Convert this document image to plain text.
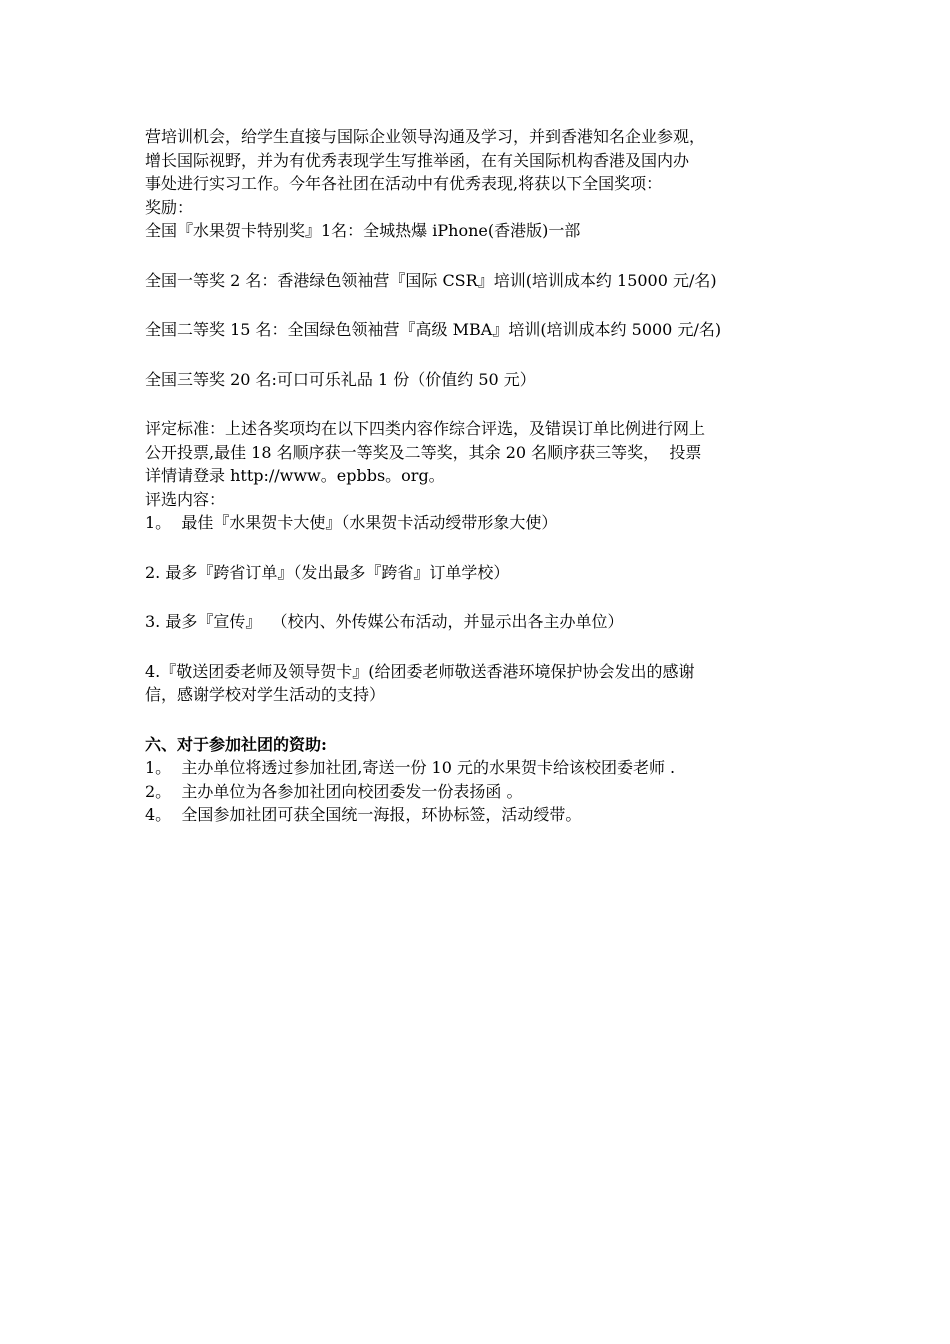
营培训机会，给学生直接与国际企业领导沟通及学习，并到香港知名企业参观，
增长国际视野，并为有优秀表现学生写推举函，在有关国际机构香港及国内办
事处进行实习工作。今年各社团在活动中有优秀表现,将获以下全国奖项：
奖励：
全国『水果贺卡特别奖』1名：全城热爆 iPhone(香港版)一部
全国一等奖 2 名：香港绿色领袖营『国际 CSR』培训(培训成本约 15000 元/名)
全国二等奖 15 名：全国绿色领袖营『高级 MBA』培训(培训成本约 5000 元/名)
全国三等奖 20 名:可口可乐礼品 1 份（价值约 50 元）
评定标准：上述各奖项均在以下四类内容作综合评选，及错误订单比例进行网上
公开投票,最佳 18 名顺序获一等奖及二等奖，其余 20 名顺序获三等奖，  投票
详情请登录 http://www。epbbs。org。
评选内容：
1。  最佳『水果贺卡大使』（水果贺卡活动绶带形象大使）
2. 最多『跨省订单』（发出最多『跨省』订单学校）
3. 最多『宣传』  （校内、外传媒公布活动，并显示出各主办单位）
4.『敬送团委老师及领导贺卡』(给团委老师敬送香港环境保护协会发出的感谢
信，感谢学校对学生活动的支持）
六、对于参加社团的资助:
1。  主办单位将透过参加社团,寄送一份 10 元的水果贺卡给该校团委老师 .
2。  主办单位为各参加社团向校团委发一份表扬函 。
4。  全国参加社团可获全国统一海报，环协标签，活动绶带。
